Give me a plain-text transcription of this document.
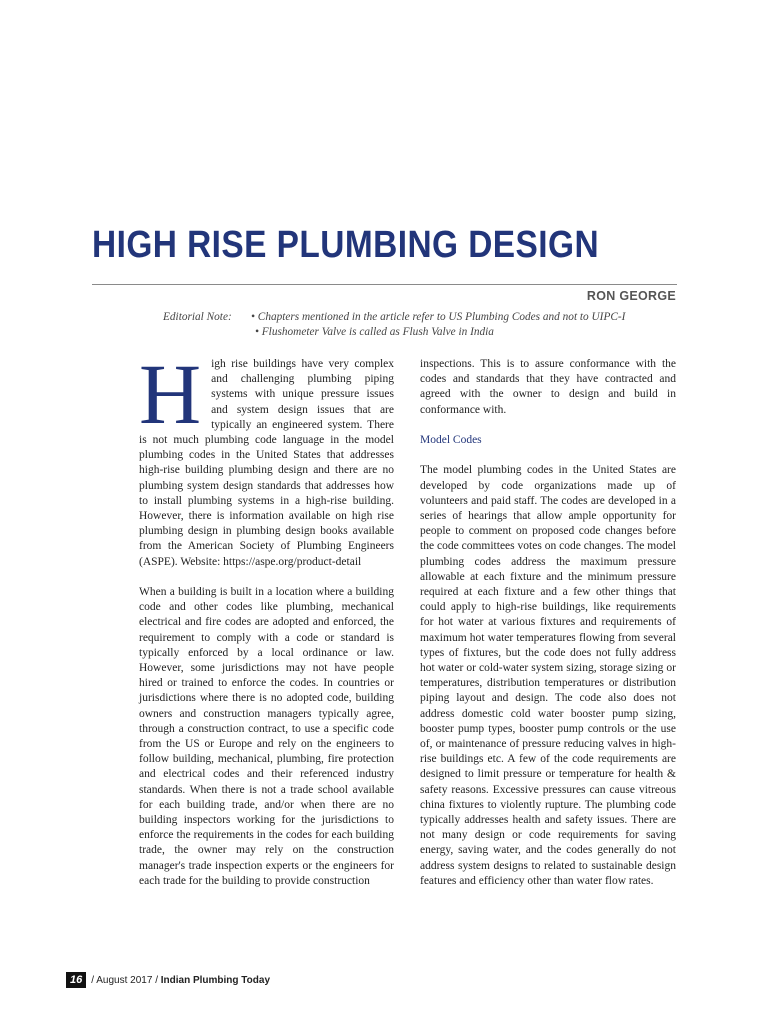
HIGH RISE PLUMBING DESIGN
RON GEORGE
Editorial Note: • Chapters mentioned in the article refer to US Plumbing Codes and not to UIPC-I
• Flushometer Valve is called as Flush Valve in India
H igh rise buildings have very complex and challenging plumbing piping systems with unique pressure issues and system design issues that are typically an engineered system. There is not much plumbing code language in the model plumbing codes in the United States that addresses high-rise building plumbing design and there are no plumbing system design standards that addresses how to install plumbing systems in a high-rise building. However, there is information available on high rise plumbing design in plumbing design books available from the American Society of Plumbing Engineers (ASPE). Website: https://aspe.org/product-detail

When a building is built in a location where a building code and other codes like plumbing, mechanical electrical and fire codes are adopted and enforced, the requirement to comply with a code or standard is typically enforced by a local ordinance or law. However, some jurisdictions may not have people hired or trained to enforce the codes. In countries or jurisdictions where there is no adopted code, building owners and construction managers typically agree, through a construction contract, to use a specific code from the US or Europe and rely on the engineers to follow building, mechanical, plumbing, fire protection and electrical codes and their referenced industry standards. When there is not a trade school available for each building trade, and/or when there are no building inspectors working for the jurisdictions to enforce the requirements in the codes for each building trade, the owner may rely on the construction manager's trade inspection experts or the engineers for each trade for the building to provide construction

inspections. This is to assure conformance with the codes and standards that they have contracted and agreed with the owner to design and build in conformance with.

Model Codes

The model plumbing codes in the United States are developed by code organizations made up of volunteers and paid staff. The codes are developed in a series of hearings that allow ample opportunity for people to comment on proposed code changes before the code committees votes on code changes. The model plumbing codes address the maximum pressure allowable at each fixture and the minimum pressure required at each fixture and a few other things that could apply to high-rise buildings, like requirements for hot water at various fixtures and requirements of maximum hot water temperatures flowing from several types of fixtures, but the code does not fully address hot water or cold-water system sizing, storage sizing or temperatures, distribution temperatures or distribution piping layout and design. The code also does not address domestic cold water booster pump sizing, booster pump types, booster pump controls or the use of, or maintenance of pressure reducing valves in high-rise buildings etc. A few of the code requirements are designed to limit pressure or temperature for health & safety reasons. Excessive pressures can cause vitreous china fixtures to violently rupture. The plumbing code typically addresses health and safety issues. There are not many design or code requirements for saving energy, saving water, and the codes generally do not address system designs to related to sustainable design features and efficiency other than water flow rates.

16 / August 2017 /
Indian Plumbing Today
